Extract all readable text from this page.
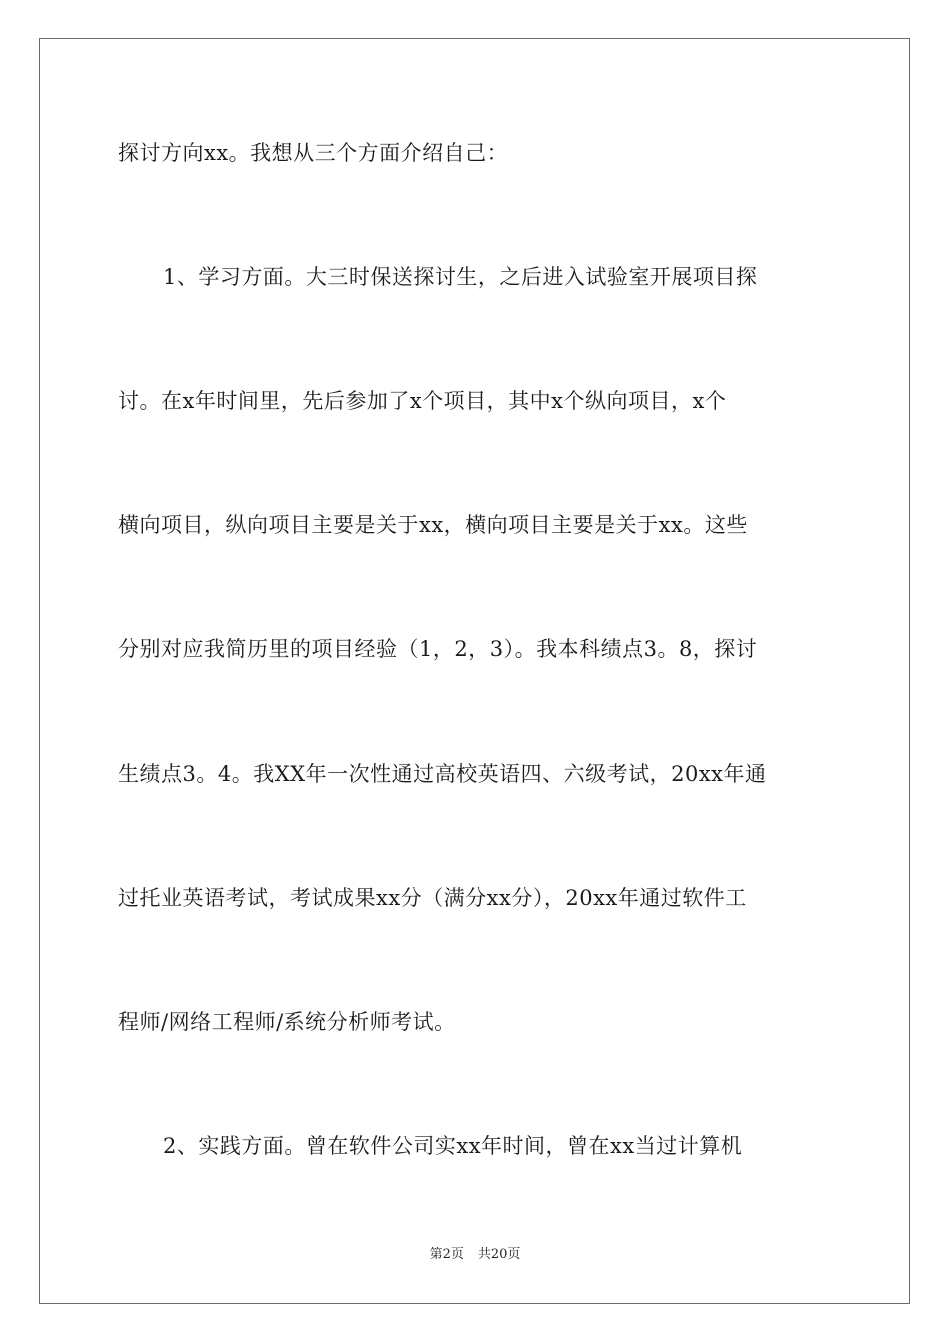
探讨方向xx。我想从三个方面介绍自己：
1、学习方面。大三时保送探讨生，之后进入试验室开展项目探
讨。在x年时间里，先后参加了x个项目，其中x个纵向项目，x个
横向项目，纵向项目主要是关于xx，横向项目主要是关于xx。这些
分别对应我简历里的项目经验（1，2，3）。我本科绩点3。8，探讨
生绩点3。4。我XX年一次性通过高校英语四、六级考试，20xx年通
过托业英语考试，考试成果xx分（满分xx分），20xx年通过软件工
程师/网络工程师/系统分析师考试。
2、实践方面。曾在软件公司实xx年时间，曾在xx当过计算机
第2页 共20页
